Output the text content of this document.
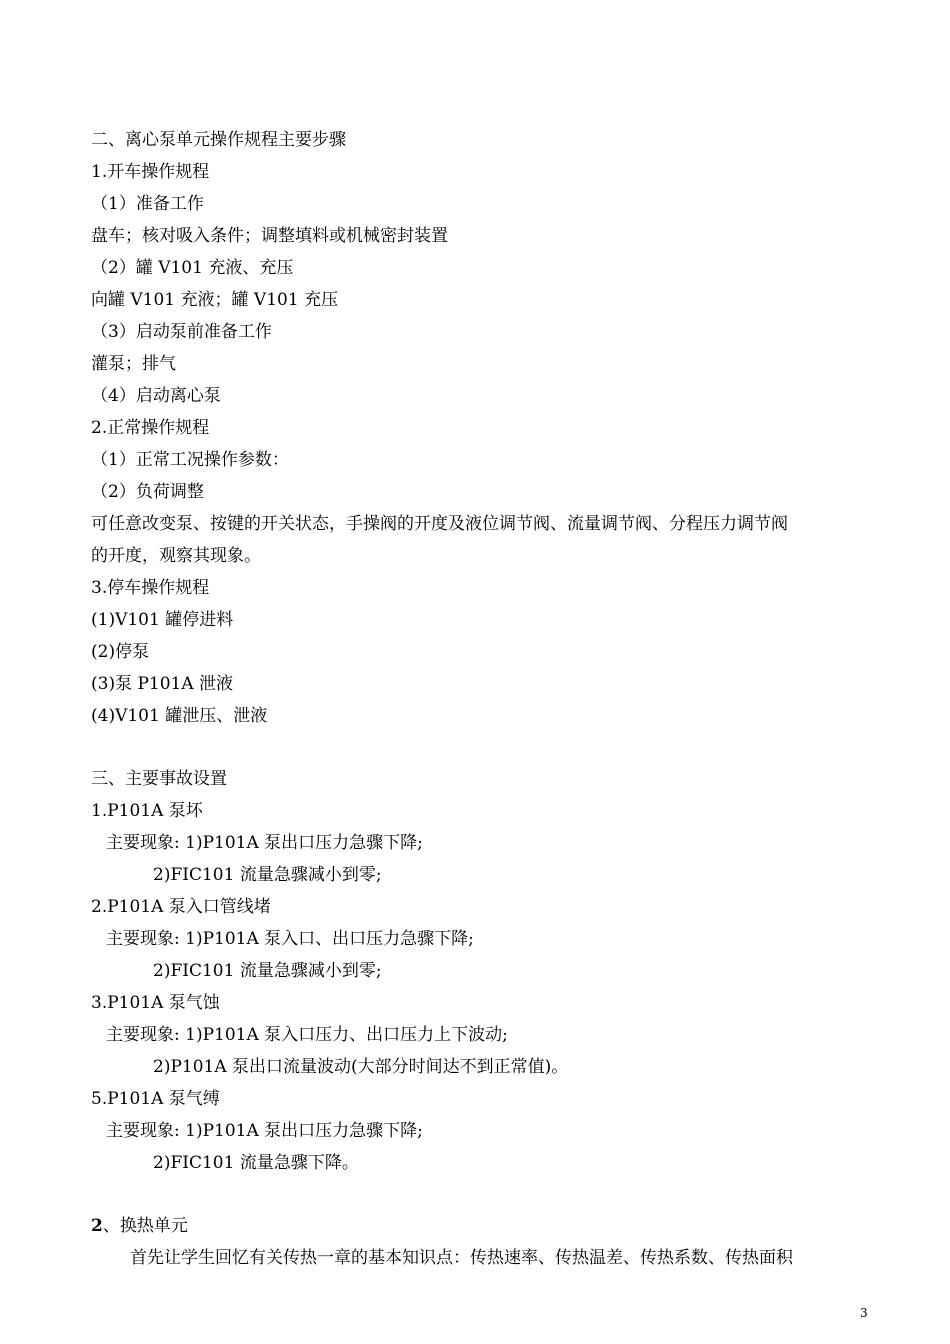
二、离心泵单元操作规程主要步骤
1.开车操作规程
（1）准备工作
盘车；核对吸入条件；调整填料或机械密封装置
（2）罐 V101 充液、充压
向罐 V101 充液；罐 V101 充压
（3）启动泵前准备工作
灌泵；排气
（4）启动离心泵
2.正常操作规程
（1）正常工况操作参数：
（2）负荷调整
可任意改变泵、按键的开关状态，手操阀的开度及液位调节阀、流量调节阀、分程压力调节阀
的开度，观察其现象。
3.停车操作规程
(1)V101 罐停进料
(2)停泵
(3)泵 P101A 泄液
(4)V101 罐泄压、泄液
三、主要事故设置
1.P101A 泵坏
主要现象: 1)P101A 泵出口压力急骤下降;
2)FIC101 流量急骤减小到零;
2.P101A 泵入口管线堵
主要现象: 1)P101A 泵入口、出口压力急骤下降;
2)FIC101 流量急骤减小到零;
3.P101A 泵气蚀
主要现象: 1)P101A 泵入口压力、出口压力上下波动;
2)P101A 泵出口流量波动(大部分时间达不到正常值)。
5.P101A 泵气缚
主要现象: 1)P101A 泵出口压力急骤下降;
2)FIC101 流量急骤下降。
2、换热单元
首先让学生回忆有关传热一章的基本知识点：传热速率、传热温差、传热系数、传热面积
3
